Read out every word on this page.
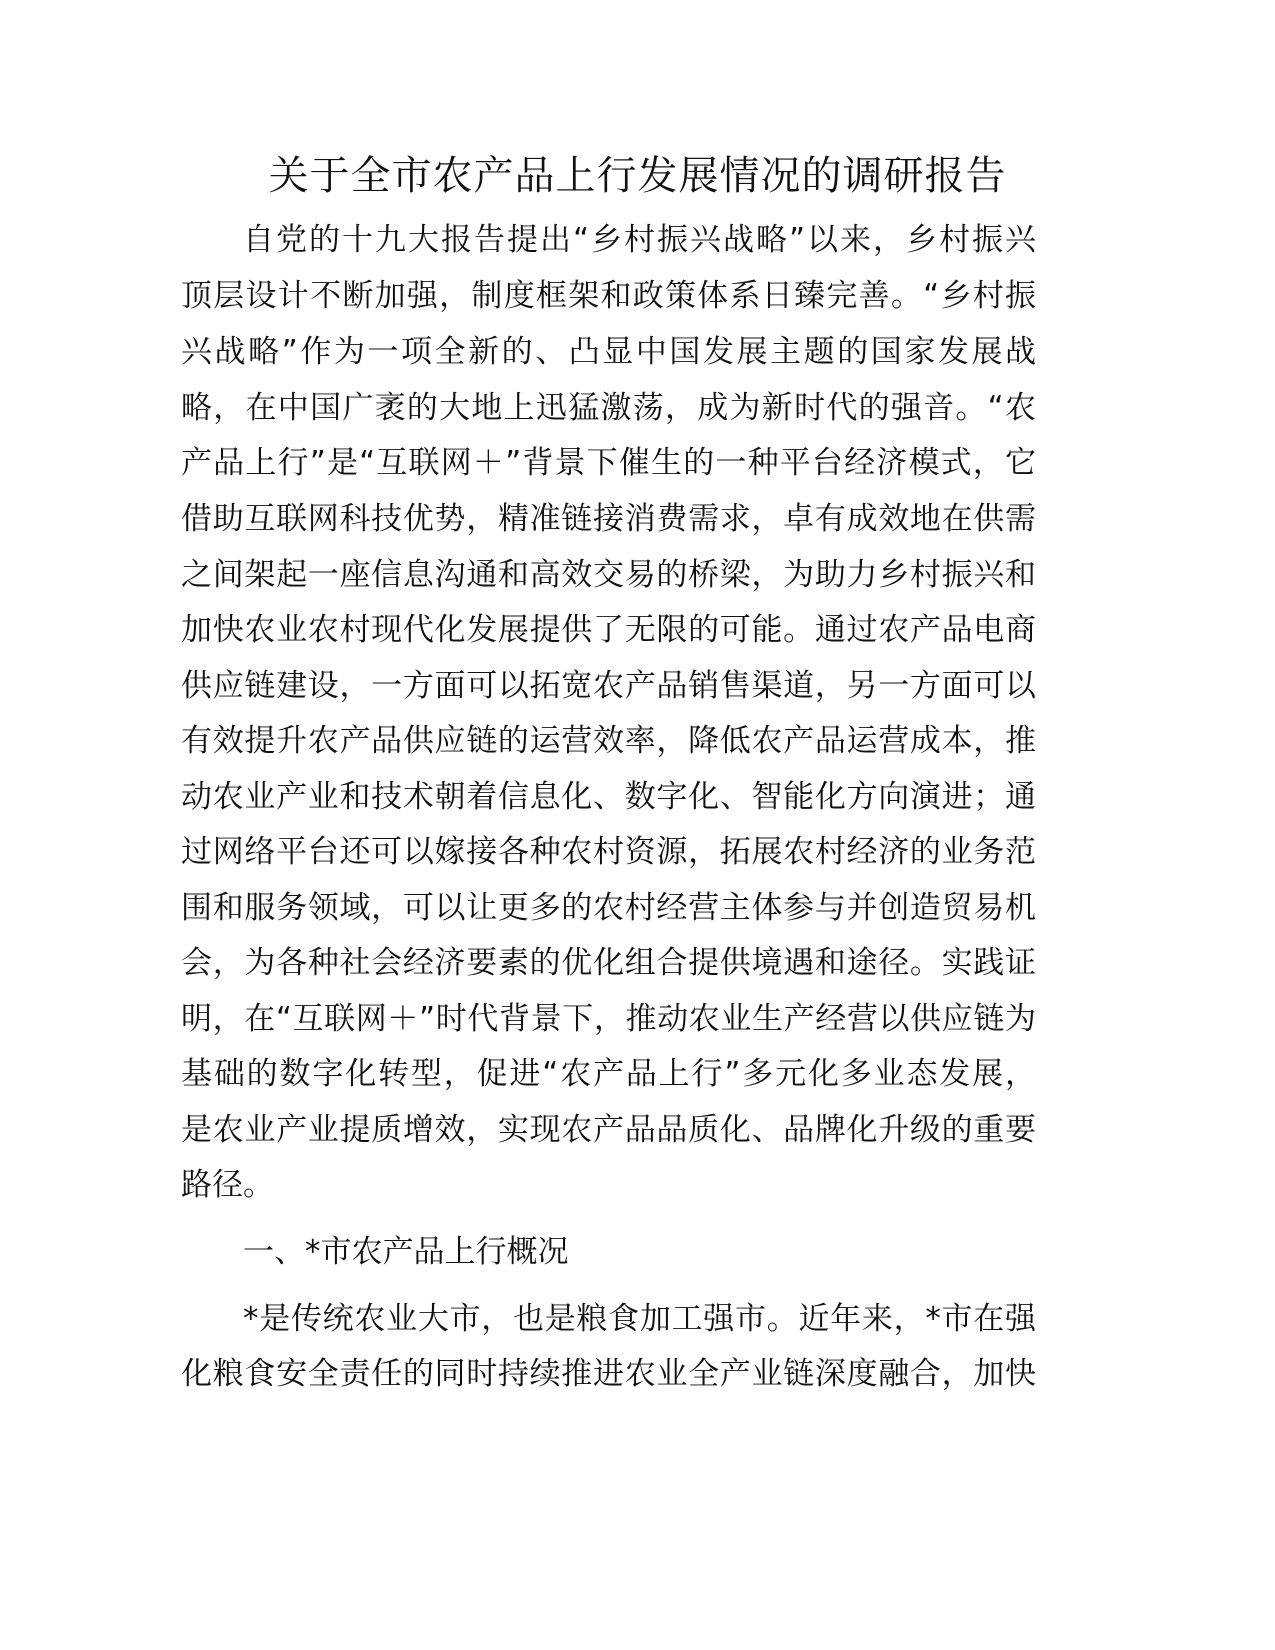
关于全市农产品上行发展情况的调研报告
自党的十九大报告提出“乡村振兴战略”以来，乡村振兴
顶层设计不断加强，制度框架和政策体系日臻完善。“乡村振
兴战略”作为一项全新的、凸显中国发展主题的国家发展战
略，在中国广袤的大地上迅猛激荡，成为新时代的强音。“农
产品上行”是“互联网＋”背景下催生的一种平台经济模式，它
借助互联网科技优势，精准链接消费需求，卓有成效地在供需
之间架起一座信息沟通和高效交易的桥梁，为助力乡村振兴和
加快农业农村现代化发展提供了无限的可能。通过农产品电商
供应链建设，一方面可以拓宽农产品销售渠道，另一方面可以
有效提升农产品供应链的运营效率，降低农产品运营成本，推
动农业产业和技术朝着信息化、数字化、智能化方向演进；通
过网络平台还可以嫁接各种农村资源，拓展农村经济的业务范
围和服务领域，可以让更多的农村经营主体参与并创造贸易机
会，为各种社会经济要素的优化组合提供境遇和途径。实践证
明，在“互联网＋”时代背景下，推动农业生产经营以供应链为
基础的数字化转型，促进“农产品上行”多元化多业态发展，
是农业产业提质增效，实现农产品品质化、品牌化升级的重要
路径。
一、*市农产品上行概况
*是传统农业大市，也是粮食加工强市。近年来，*市在强
化粮食安全责任的同时持续推进农业全产业链深度融合，加快
